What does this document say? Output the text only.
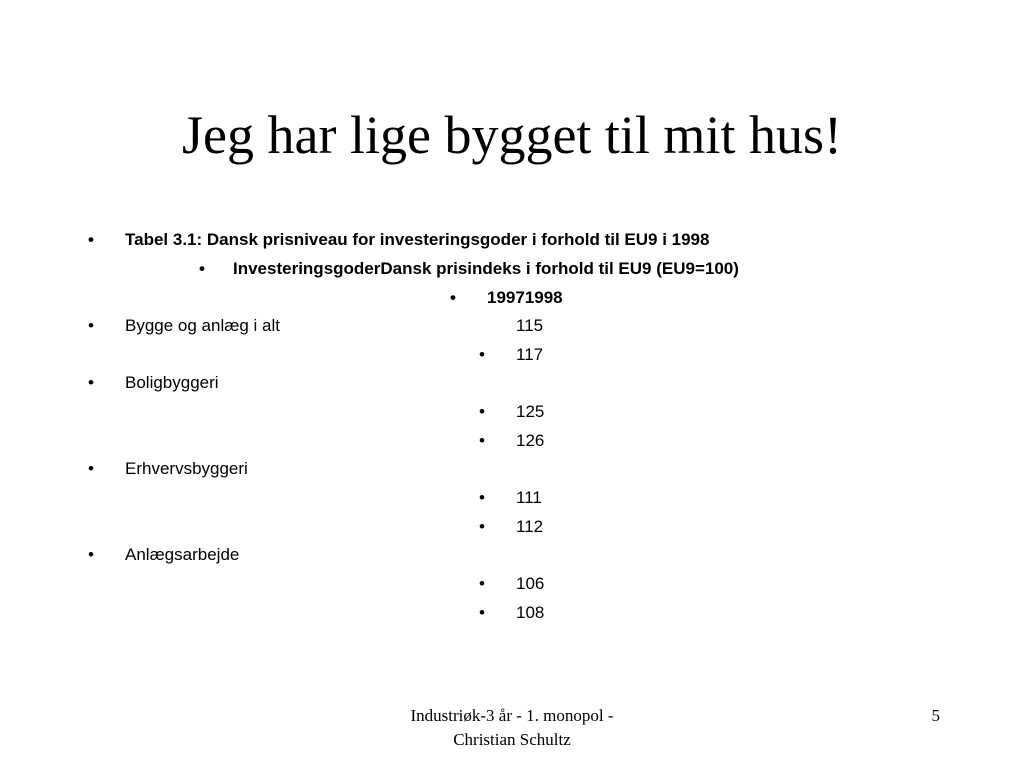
Jeg har lige bygget til mit hus!
• Tabel 3.1: Dansk prisniveau for investeringsgoder i forhold til EU9 i 1998
• InvesteringsgoderDansk prisindeks i forhold til EU9 (EU9=100)
• 19971998
• Bygge og anlæg i alt	115
• 117
• Boligbyggeri
• 125
• 126
• Erhvervsbyggeri
• 111
• 112
• Anlægsarbejde
• 106
• 108
Industriøk-3 år - 1. monopol -
Christian Schultz
5
